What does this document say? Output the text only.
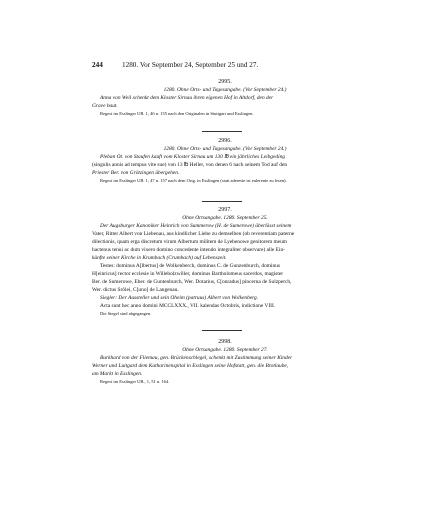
244	1280. Vor September 24, September 25 und 27.
2995.
1280. Ohne Orts- und Tagesangabe. (Vor September 24.)

Anna von Weil schenkt dem Kloster Sirnau ihren eigenen Hof in Altdorf, den der

Grave baut.

Regest im Esslinger UB. 1, 46 n. 155 nach den Originalen in Stuttgart und Esslingen.

2996.
1280. Ohne Orts- und Tagesangabe. (Vor September 24.)

Pleban Ot. von Staufen kauft vom Kloster Sirnau um 130 ℔ ein jährliches Leibgeding

(singulis annis ad tempus vite sue) von 13 ℔ Heller, von denen 6 nach seinem Tod auf den

Priester Ber. von Grötzingen übergehen.

Regest im Esslinger UB. 1, 47 n. 157 nach dem Orig. in Esslingen (statt adereste ist eulerente zu lesen).

2997.
Ohne Ortsangabe. 1280. September 25.

Der Augsburger Kanoniker Heinrich von Summerow (H. de Sumerowe) überlässt seinem

Vater, Ritter Albert von Liebenau, aus kindlicher Liebe zu demselben (ob reverentiam paterne

dilectionis, quam erga discretum virum Albertum militem de Lyebenowe genitorem meum

hactenus tenui ac dum vixero domino concedente intendo integraliter observare) alle Ein-

künfte seiner Kirche in Krumbach (Crumbach) auf Lebenszeit.

Testes: dominus A[lbertus] de Wolkenberch, dominus C. de Gunzenburch, dominus

H[einricus] rector ecclesie in Willebolzwiller, dominus Bartholomeus sacerdos, magister

Ber. de Sumerowe, Eber. de Guntenburch, Wer. Dotarius, C[onradus] pincerna de Sulzperch,

Wer. dictus Srôlei, C[uno] de Langenau.

Siegler: Der Aussteller und sein Oheim (patruus) Albert von Wolkenberg.

Acta sunt hec anno domini MCCLXXX., VII. kalendas Octobris, indictione VIII.

Die Siegel sind abgegangen.

2998.
Ohne Ortsangabe. 1280. September 27.

Burkhard von der Fliemau, gen. Brückenschlegel, schenkt mit Zustimmung seiner Kinder

Werner und Luitgard dem Katharinenspital in Esslingen seine Hofstatt, gen. die Brotlaube,

am Markt in Esslingen.

Regest im Esslinger UB., 1, 51 n. 164.
